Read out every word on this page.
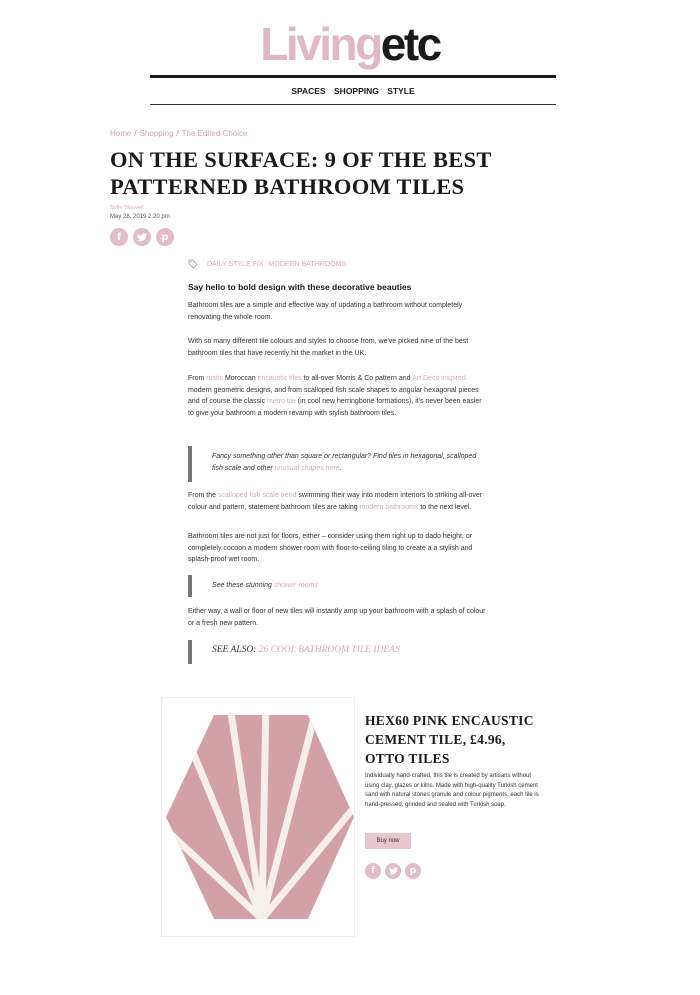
Livingetc
SPACES SHOPPING STYLE
Home / Shopping / The Edited Choice
ON THE SURFACE: 9 OF THE BEST PATTERNED BATHROOM TILES
Sofie Blauwet
May 28, 2019 2:20 pm
f	p
DAILY STYLE FIX MODERN BATHROOMS
Say hello to bold design with these decorative beauties

Bathroom tiles are a simple and effective way of updating a bathroom without completely renovating the whole room.

With so many different tile colours and styles to choose from, we've picked nine of the best bathroom tiles that have recently hit the market in the UK.

From rustic Moroccan encaustic tiles to all-over Morris & Co pattern and Art Deco inspired modern geometric designs, and from scalloped fish scale shapes to angular hexagonal pieces and of course the classic metro tile (in cool new herringbone formations), it's never been easier to give your bathroom a modern revamp with stylish bathroom tiles.

Fancy something other than square or rectangular? Find tiles in hexagonal, scalloped fish scale and other unusual shapes here.

From the scalloped fish scale trend swimming their way into modern interiors to striking all-over colour and pattern, statement bathroom tiles are taking modern bathrooms to the next level.

Bathroom tiles are not just for floors, either – consider using them right up to dado height, or completely cocoon a modern shower room with floor-to-ceiling tiling to create a a stylish and splash-proof wet room.

See these stunning shower rooms

Either way, a wall or floor of new tiles will instantly amp up your bathroom with a splash of colour or a fresh new pattern.

SEE ALSO: 26 COOL BATHROOM TILE IDEAS
HEX60 PINK ENCAUSTIC CEMENT TILE, £4.96, OTTO TILES

Individually hand-crafted, this tile is created by artisans without using clay, glazes or kilns. Made with high-quality Turkish cement sand with natural stones granule and colour pigments, each tile is hand-pressed, grinded and sealed with Turkish soap.

Buy now
f	p
